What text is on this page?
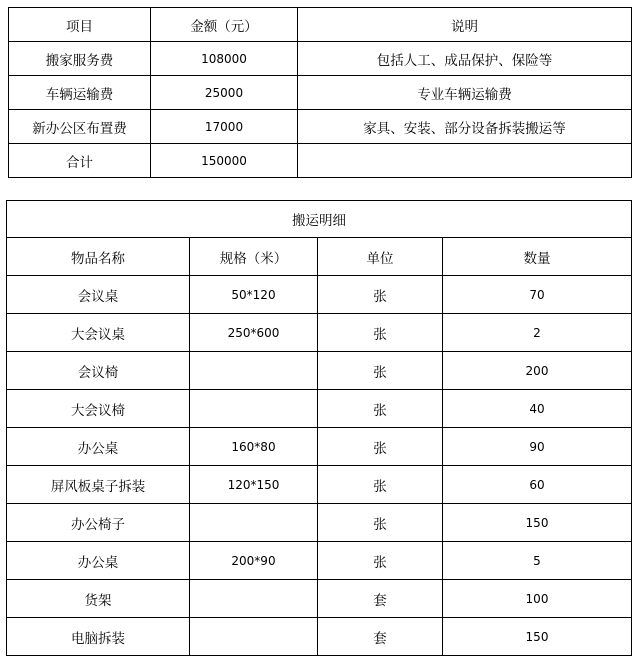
项目	金额（元）	说明
搬家服务费	108000	包括人工、成品保护、保险等
车辆运输费	25000	专业车辆运输费
新办公区布置费	17000	家具、安装、部分设备拆装搬运等
合计	150000	
搬运明细			
物品名称	规格（米）	单位	数量
会议桌	50*120	张	70
大会议桌	250*600	张	2
会议椅		张	200
大会议椅		张	40
办公桌	160*80	张	90
屏风板桌子拆装	120*150	张	60
办公椅子		张	150
办公桌	200*90	张	5
货架		套	100
电脑拆装		套	150
